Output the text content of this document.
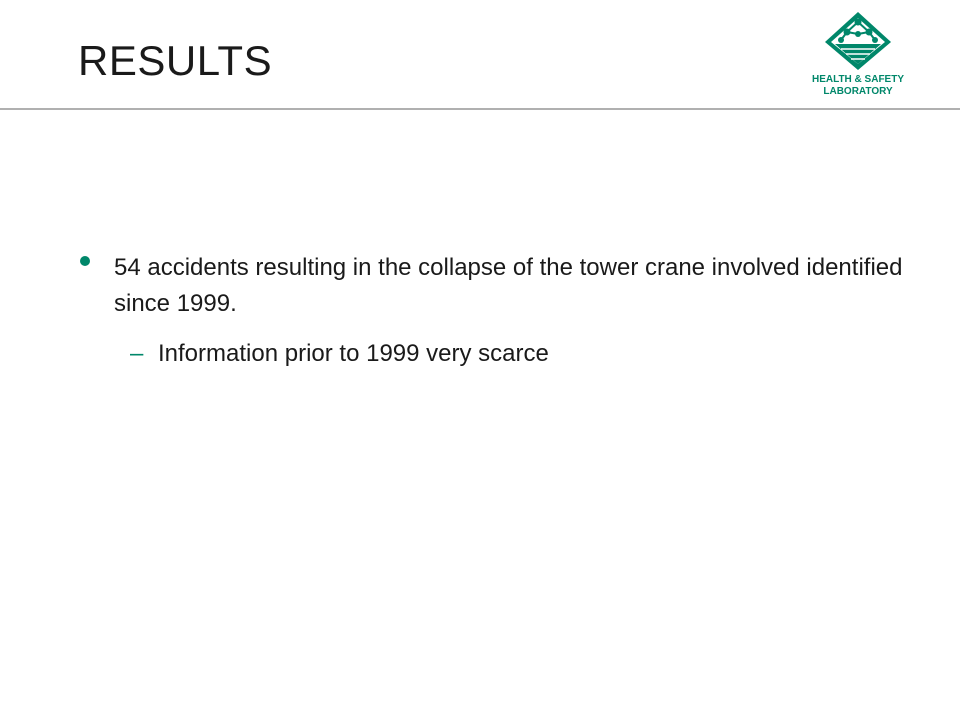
RESULTS	HEALTH & SAFETY
LABORATORY
54 accidents resulting in the collapse of the tower crane involved identified since 1999.
– Information prior to 1999 very scarce
